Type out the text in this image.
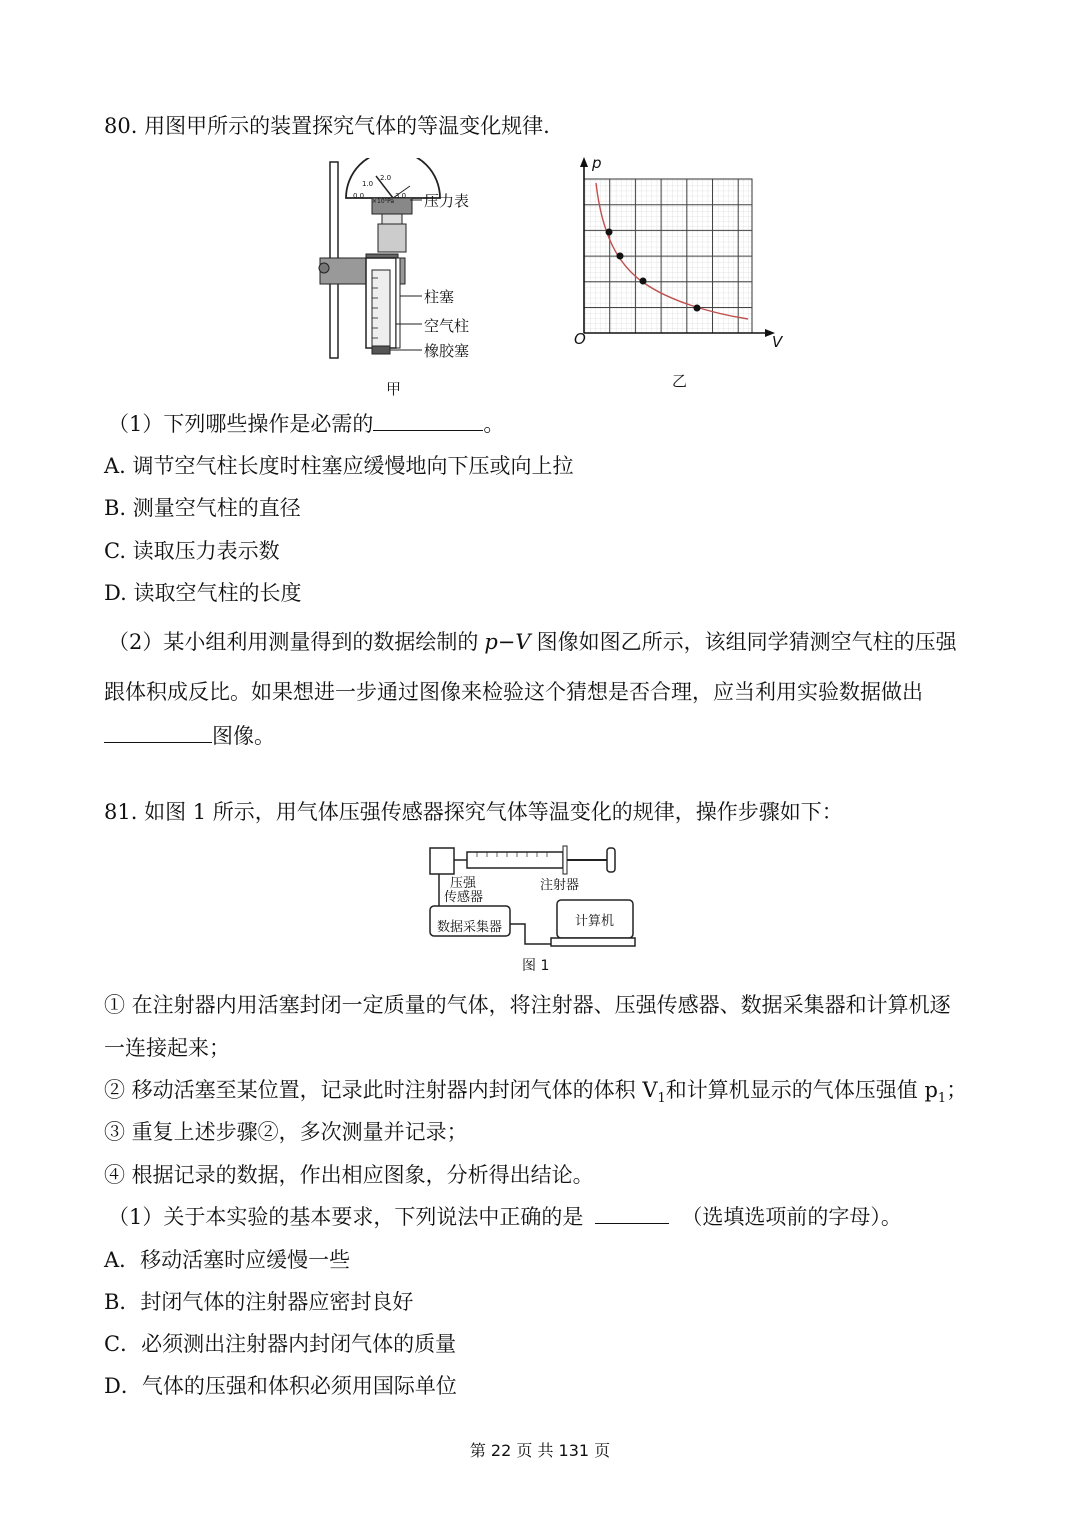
80. 用图甲所示的装置探究气体的等温变化规律.
压力表
柱塞
空气柱
橡胶塞
0.0
1.0
2.0
3.0
×10⁵Pa
甲
p
V
O
乙
（1）下列哪些操作是必需的	。
A. 调节空气柱长度时柱塞应缓慢地向下压或向上拉
B. 测量空气柱的直径
C. 读取压力表示数
D. 读取空气柱的长度
（2）某小组利用测量得到的数据绘制的 p−V 图像如图乙所示，该组同学猜测空气柱的压强
跟体积成反比。如果想进一步通过图像来检验这个猜想是否合理，应当利用实验数据做出
图像。
81. 如图 1 所示，用气体压强传感器探究气体等温变化的规律，操作步骤如下：
压强
传感器
注射器
数据采集器	计算机
图 1
① 在注射器内用活塞封闭一定质量的气体，将注射器、压强传感器、数据采集器和计算机逐
一连接起来；
② 移动活塞至某位置，记录此时注射器内封闭气体的体积 $V_1$和计算机显示的气体压强值 $p_1$；
③ 重复上述步骤②，多次测量并记录；
④ 根据记录的数据，作出相应图象，分析得出结论。
（1）关于本实验的基本要求，下列说法中正确的是	（选填选项前的字母）。
A．移动活塞时应缓慢一些
B．封闭气体的注射器应密封良好
C．必须测出注射器内封闭气体的质量
D．气体的压强和体积必须用国际单位
第 22 页 共 131 页
